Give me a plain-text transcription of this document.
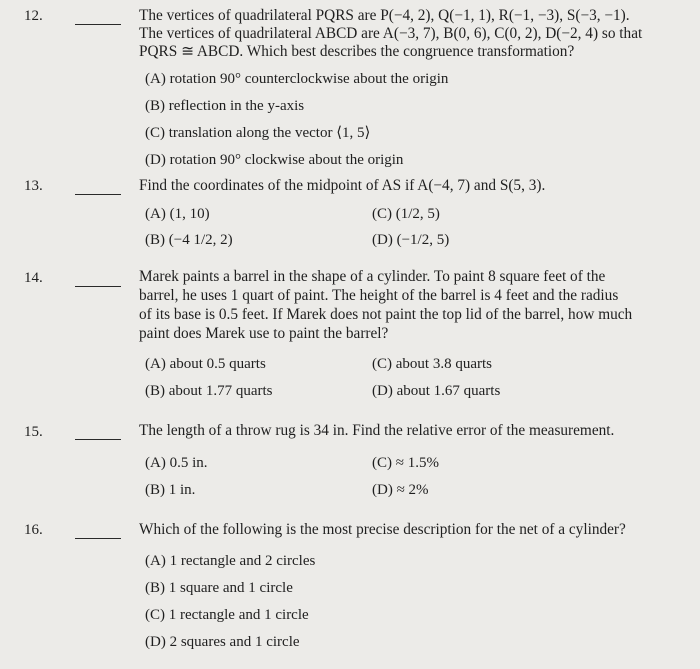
12.	The vertices of quadrilateral PQRS are P(−4, 2), Q(−1, 1), R(−1, −3), S(−3, −1).
The vertices of quadrilateral ABCD are A(−3, 7), B(0, 6), C(0, 2), D(−2, 4) so that
PQRS ≅ ABCD. Which best describes the congruence transformation?
(A) rotation 90° counterclockwise about the origin
(B) reflection in the y-axis
(C) translation along the vector ⟨1, 5⟩
(D) rotation 90° clockwise about the origin
13.	Find the coordinates of the midpoint of AS if A(−4, 7) and S(5, 3).
(A) (1, 10)	(C) (1/2, 5)
(B) (−4 1/2, 2)	(D) (−1/2, 5)
14.	Marek paints a barrel in the shape of a cylinder. To paint 8 square feet of the
barrel, he uses 1 quart of paint. The height of the barrel is 4 feet and the radius
of its base is 0.5 feet. If Marek does not paint the top lid of the barrel, how much
paint does Marek use to paint the barrel?
(A) about 0.5 quarts	(C) about 3.8 quarts
(B) about 1.77 quarts	(D) about 1.67 quarts
15.	The length of a throw rug is 34 in. Find the relative error of the measurement.
(A) 0.5 in.	(C) ≈ 1.5%
(B) 1 in.	(D) ≈ 2%
16.	Which of the following is the most precise description for the net of a cylinder?
(A) 1 rectangle and 2 circles
(B) 1 square and 1 circle
(C) 1 rectangle and 1 circle
(D) 2 squares and 1 circle
